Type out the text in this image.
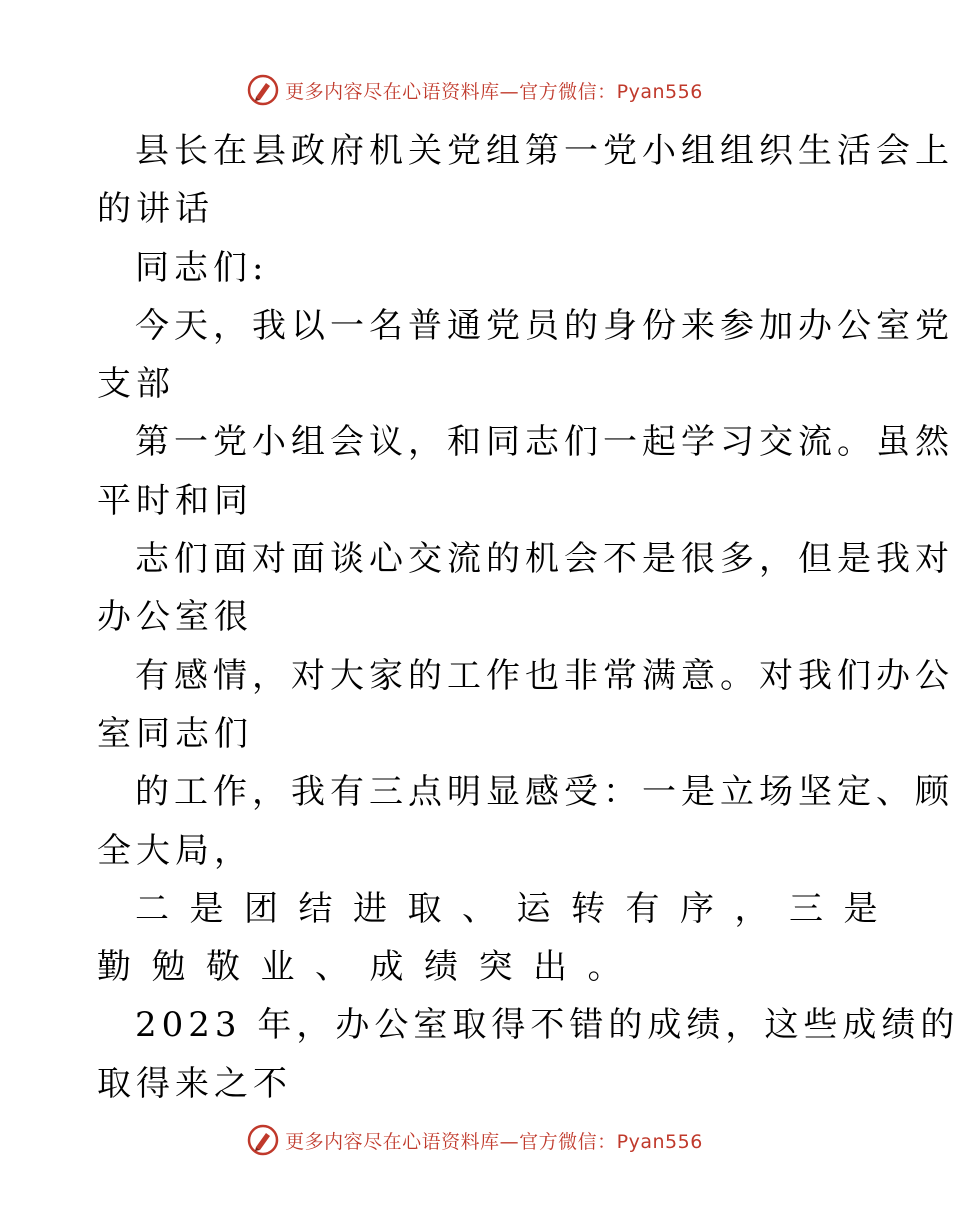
更多内容尽在心语资料库—官方微信：Pyan556
县长在县政府机关党组第一党小组组织生活会上
的讲话
同志们:
今天，我以一名普通党员的身份来参加办公室党
支部
第一党小组会议，和同志们一起学习交流。虽然
平时和同
志们面对面谈心交流的机会不是很多，但是我对
办公室很
有感情，对大家的工作也非常满意。对我们办公
室同志们
的工作，我有三点明显感受：一是立场坚定、顾
全大局，
二是团结进取、运转有序，三是
勤勉敬业、成绩突出。
2023 年，办公室取得不错的成绩，这些成绩的
取得来之不
更多内容尽在心语资料库—官方微信：Pyan556
